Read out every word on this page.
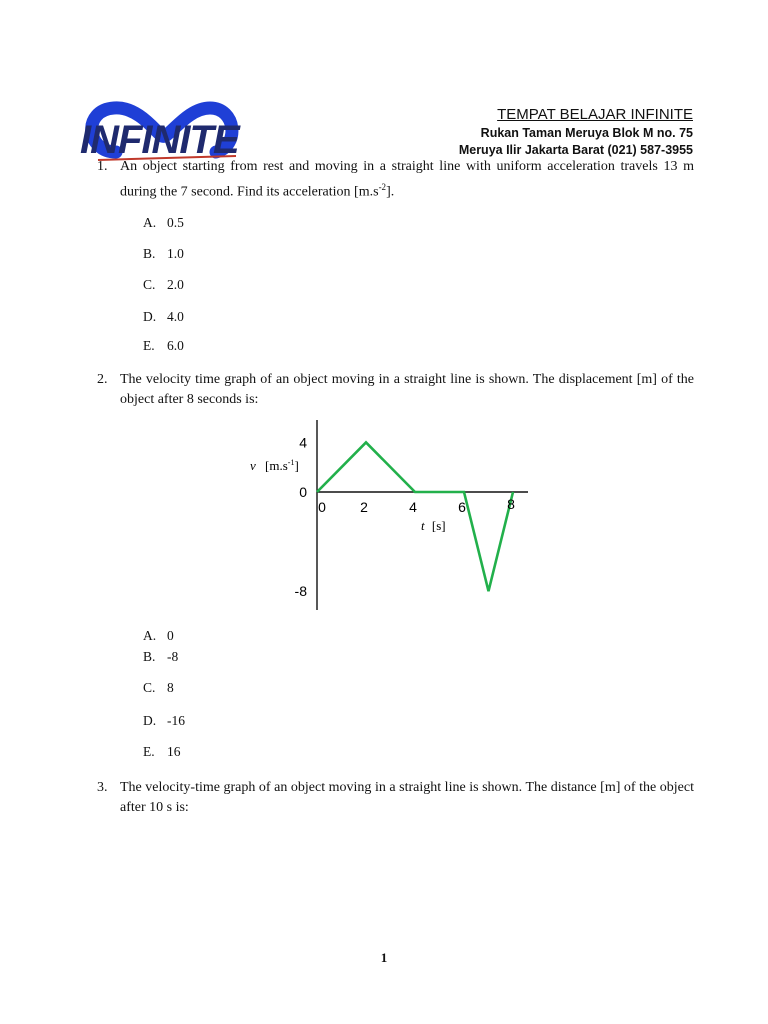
INFINITE
TEMPAT BELAJAR INFINITE
Rukan Taman Meruya Blok M no. 75
Meruya Ilir Jakarta Barat (021) 587-3955
1. An object starting from rest and moving in a straight line with uniform acceleration travels 13 m during the 7 second. Find its acceleration $[m.s^{-2}]$.
A. 0.5
B. 1.0
C. 2.0
D. 4.0
E. 6.0
2. The velocity time graph of an object moving in a straight line is shown. The displacement [m] of the object after 8 seconds is:
0 2	4	6	8
4
0
-8
v $[m.s^{-1}]$
t [s]
A. 0
B. -8
C. 8
D. -16
E. 16
3. The velocity-time graph of an object moving in a straight line is shown. The distance [m] of the object after 10 s is:
1
